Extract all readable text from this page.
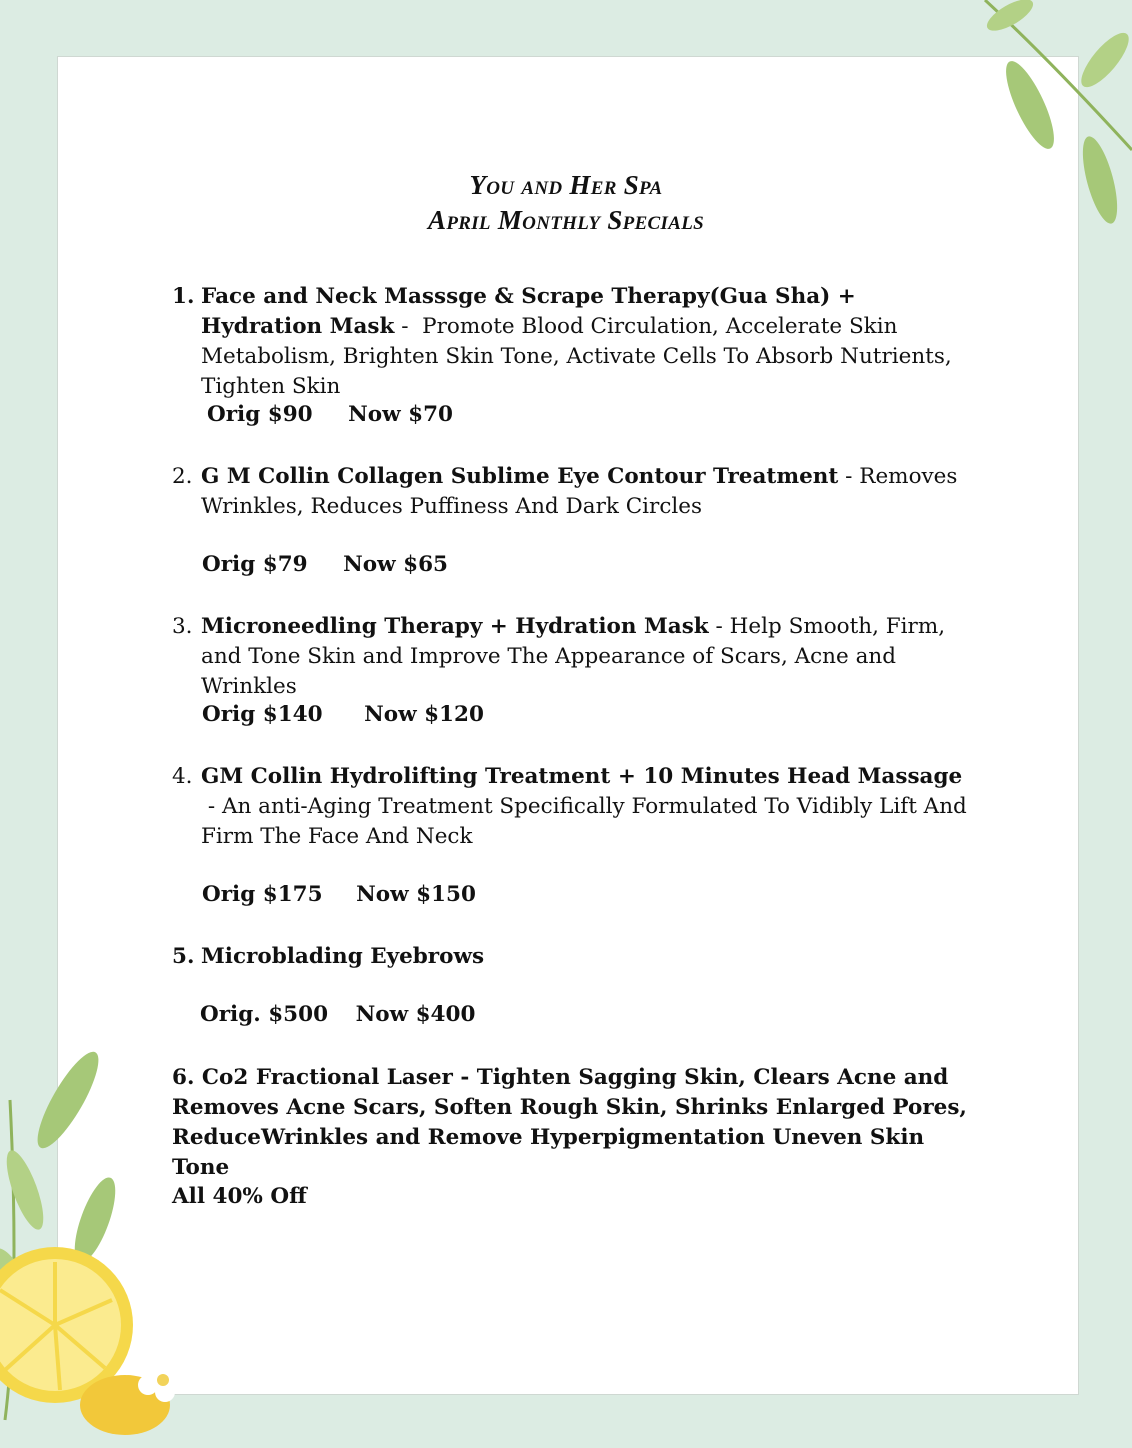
You and Her Spa
April Monthly Specials
1. Face and Neck Masssge & Scrape Therapy(Gua Sha) + Hydration Mask -  Promote Blood Circulation, Accelerate Skin Metabolism, Brighten Skin Tone, Activate Cells To Absorb Nutrients, Tighten Skin
Orig $90 Now $70
2. G M Collin Collagen Sublime Eye Contour Treatment - Removes Wrinkles, Reduces Puffiness And Dark Circles
Orig $79 Now $65
3. Microneedling Therapy + Hydration Mask - Help Smooth, Firm, and Tone Skin and Improve The Appearance of Scars, Acne and Wrinkles
Orig $140 Now $120
4. GM Collin Hydrolifting Treatment + 10 Minutes Head Massage - An anti-Aging Treatment Specifically Formulated To Vidibly Lift And Firm The Face And Neck
Orig $175 Now $150
5. Microblading Eyebrows
Orig. $500 Now $400
6. Co2 Fractional Laser - Tighten Sagging Skin, Clears Acne and Removes Acne Scars, Soften Rough Skin, Shrinks Enlarged Pores, ReduceWrinkles and Remove Hyperpigmentation Uneven Skin Tone
All 40% Off
